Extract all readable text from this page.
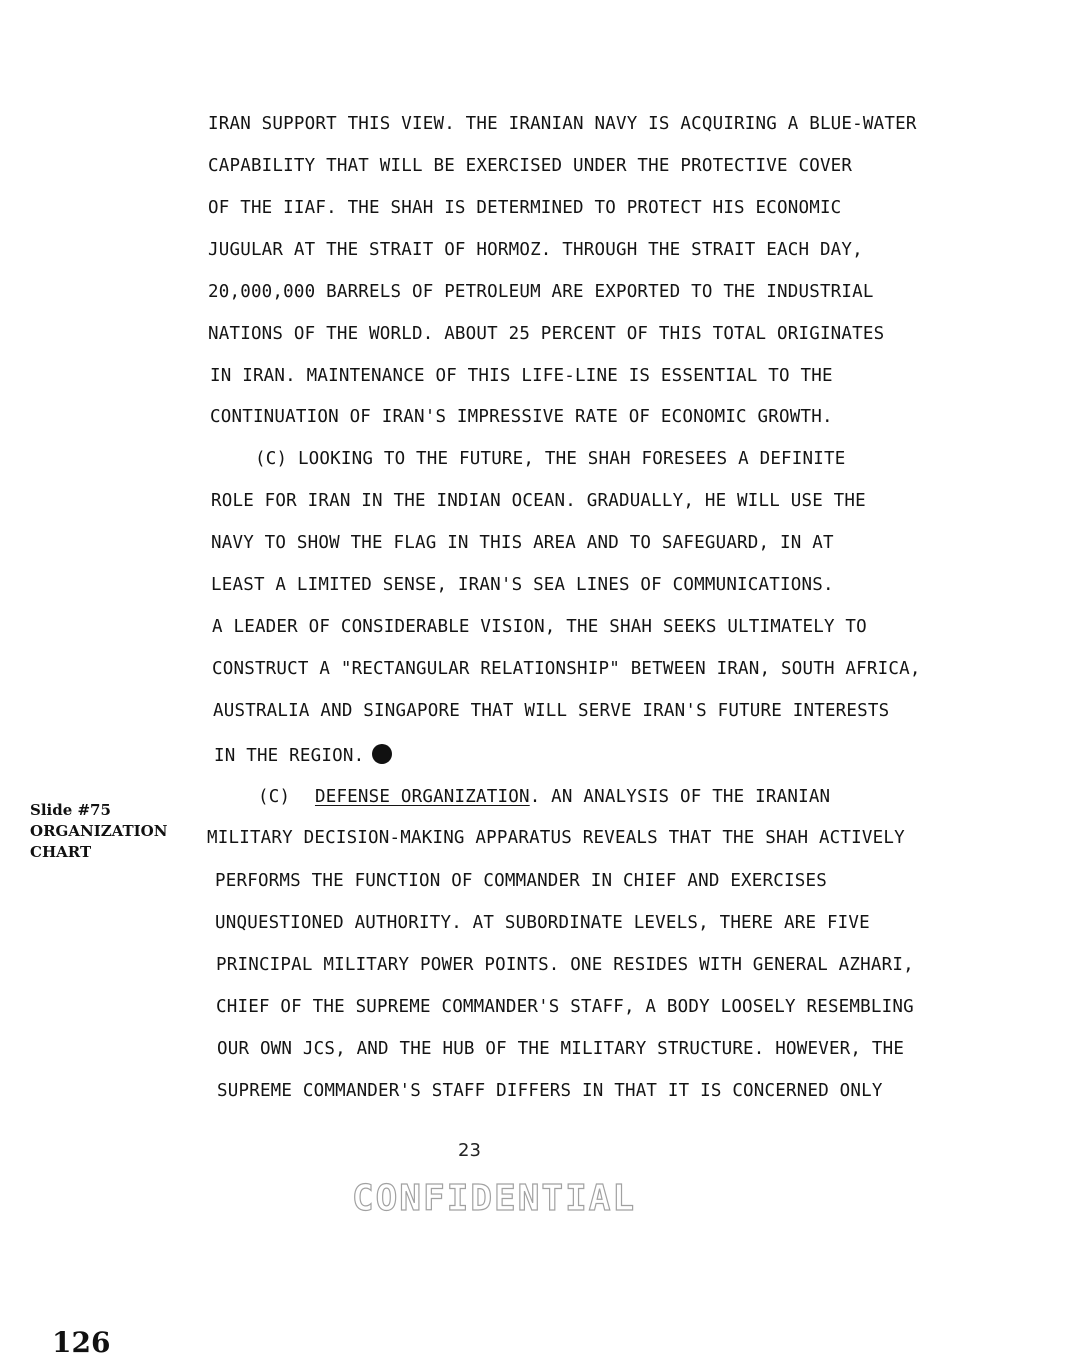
IRAN SUPPORT THIS VIEW. THE IRANIAN NAVY IS ACQUIRING A BLUE-WATER
CAPABILITY THAT WILL BE EXERCISED UNDER THE PROTECTIVE COVER
OF THE IIAF. THE SHAH IS DETERMINED TO PROTECT HIS ECONOMIC
JUGULAR AT THE STRAIT OF HORMOZ. THROUGH THE STRAIT EACH DAY,
20,000,000 BARRELS OF PETROLEUM ARE EXPORTED TO THE INDUSTRIAL
NATIONS OF THE WORLD. ABOUT 25 PERCENT OF THIS TOTAL ORIGINATES
IN IRAN. MAINTENANCE OF THIS LIFE-LINE IS ESSENTIAL TO THE
CONTINUATION OF IRAN'S IMPRESSIVE RATE OF ECONOMIC GROWTH.
(C) LOOKING TO THE FUTURE, THE SHAH FORESEES A DEFINITE
ROLE FOR IRAN IN THE INDIAN OCEAN. GRADUALLY, HE WILL USE THE
NAVY TO SHOW THE FLAG IN THIS AREA AND TO SAFEGUARD, IN AT
LEAST A LIMITED SENSE, IRAN'S SEA LINES OF COMMUNICATIONS.
A LEADER OF CONSIDERABLE VISION, THE SHAH SEEKS ULTIMATELY TO
CONSTRUCT A "RECTANGULAR RELATIONSHIP" BETWEEN IRAN, SOUTH AFRICA,
AUSTRALIA AND SINGAPORE THAT WILL SERVE IRAN'S FUTURE INTERESTS
IN THE REGION.
(C) DEFENSE ORGANIZATION. AN ANALYSIS OF THE IRANIAN
MILITARY DECISION-MAKING APPARATUS REVEALS THAT THE SHAH ACTIVELY
PERFORMS THE FUNCTION OF COMMANDER IN CHIEF AND EXERCISES
UNQUESTIONED AUTHORITY. AT SUBORDINATE LEVELS, THERE ARE FIVE
PRINCIPAL MILITARY POWER POINTS. ONE RESIDES WITH GENERAL AZHARI,
CHIEF OF THE SUPREME COMMANDER'S STAFF, A BODY LOOSELY RESEMBLING
OUR OWN JCS, AND THE HUB OF THE MILITARY STRUCTURE. HOWEVER, THE
SUPREME COMMANDER'S STAFF DIFFERS IN THAT IT IS CONCERNED ONLY
Slide #75
ORGANIZATION
CHART
23
CONFIDENTIAL
126
